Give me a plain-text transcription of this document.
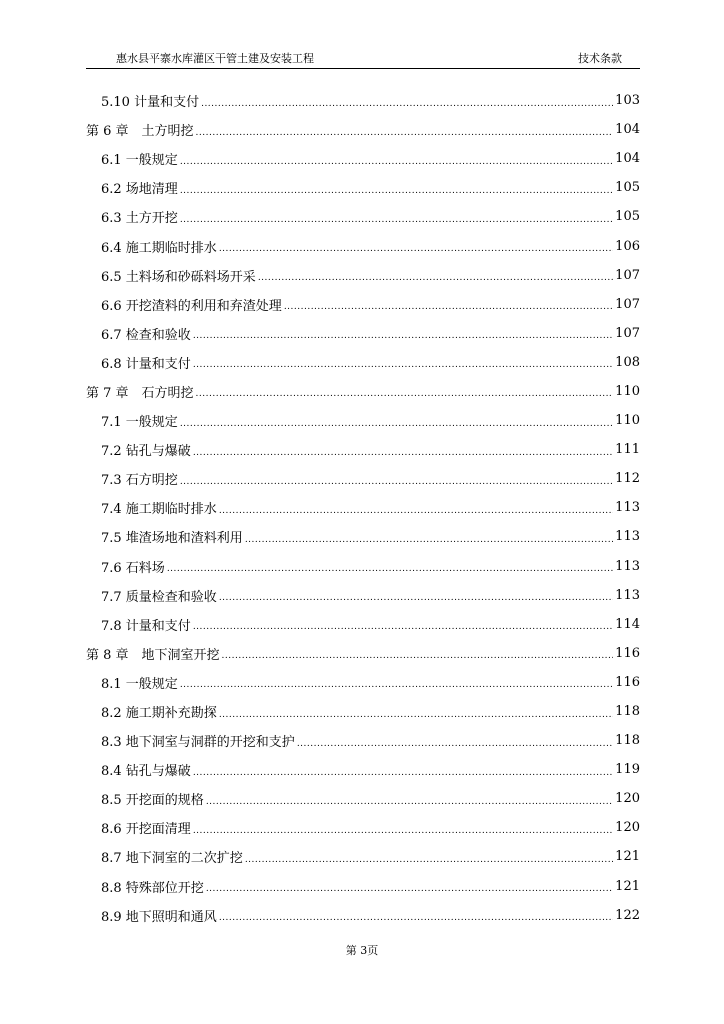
惠水县平寨水库灌区干管土建及安装工程	技术条款
5.10 计量和支付 .....	103
第 6 章　土方明挖 .....	104
6.1 一般规定 .....	104
6.2 场地清理 .....	105
6.3 土方开挖 .....	105
6.4 施工期临时排水 .....	106
6.5 土料场和砂砾料场开采 .....	107
6.6 开挖渣料的利用和弃渣处理 .....	107
6.7 检查和验收 .....	107
6.8 计量和支付 .....	108
第 7 章　石方明挖 .....	110
7.1 一般规定 .....	110
7.2 钻孔与爆破 .....	111
7.3 石方明挖 .....	112
7.4 施工期临时排水 .....	113
7.5 堆渣场地和渣料利用 .....	113
7.6 石料场 .....	113
7.7 质量检查和验收 .....	113
7.8 计量和支付 .....	114
第 8 章　地下洞室开挖 .....	116
8.1 一般规定 .....	116
8.2 施工期补充勘探 .....	118
8.3 地下洞室与洞群的开挖和支护 .....	118
8.4 钻孔与爆破 .....	119
8.5 开挖面的规格 .....	120
8.6 开挖面清理 .....	120
8.7 地下洞室的二次扩挖 .....	121
8.8 特殊部位开挖 .....	121
8.9 地下照明和通风 .....	122
第 3页
